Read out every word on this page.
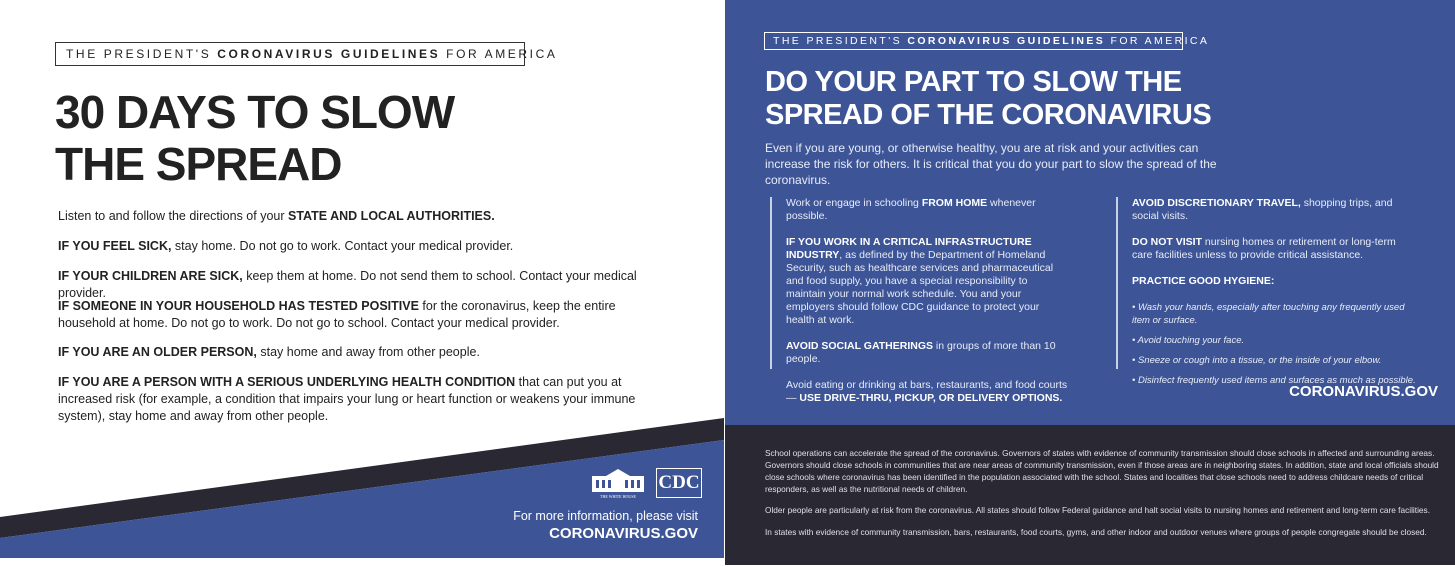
THE PRESIDENT'S CORONAVIRUS GUIDELINES FOR AMERICA
30 DAYS TO SLOW
THE SPREAD
Listen to and follow the directions of your STATE AND LOCAL AUTHORITIES.
IF YOU FEEL SICK, stay home. Do not go to work. Contact your medical provider.
IF YOUR CHILDREN ARE SICK, keep them at home. Do not send them to school. Contact your medical provider.
IF SOMEONE IN YOUR HOUSEHOLD HAS TESTED POSITIVE for the coronavirus, keep the entire household at home. Do not go to work. Do not go to school. Contact your medical provider.
IF YOU ARE AN OLDER PERSON, stay home and away from other people.
IF YOU ARE A PERSON WITH A SERIOUS UNDERLYING HEALTH CONDITION that can put you at increased risk (for example, a condition that impairs your lung or heart function or weakens your immune system), stay home and away from other people.
THE WHITE HOUSE
CDC
For more information, please visit
CORONAVIRUS.GOV
THE PRESIDENT'S CORONAVIRUS GUIDELINES FOR AMERICA
DO YOUR PART TO SLOW THE
SPREAD OF THE CORONAVIRUS
Even if you are young, or otherwise healthy, you are at risk and your activities can increase the risk for others. It is critical that you do your part to slow the spread of the coronavirus.

Work or engage in schooling FROM HOME whenever possible.

IF YOU WORK IN A CRITICAL INFRASTRUCTURE INDUSTRY, as defined by the Department of Homeland Security, such as healthcare services and pharmaceutical and food supply, you have a special responsibility to maintain your normal work schedule. You and your employers should follow CDC guidance to protect your health at work.

AVOID SOCIAL GATHERINGS in groups of more than 10 people.

Avoid eating or drinking at bars, restaurants, and food courts — USE DRIVE-THRU, PICKUP, OR DELIVERY OPTIONS.

AVOID DISCRETIONARY TRAVEL, shopping trips, and social visits.

DO NOT VISIT nursing homes or retirement or long-term care facilities unless to provide critical assistance.

PRACTICE GOOD HYGIENE:

• Wash your hands, especially after touching any frequently used item or surface.

• Avoid touching your face.

• Sneeze or cough into a tissue, or the inside of your elbow.

• Disinfect frequently used items and surfaces as much as possible.

CORONAVIRUS.GOV

School operations can accelerate the spread of the coronavirus. Governors of states with evidence of community transmission should close schools in affected and surrounding areas. Governors should close schools in communities that are near areas of community transmission, even if those areas are in neighboring states. In addition, state and local officials should close schools where coronavirus has been identified in the population associated with the school. States and localities that close schools need to address childcare needs of critical responders, as well as the nutritional needs of children.

Older people are particularly at risk from the coronavirus. All states should follow Federal guidance and halt social visits to nursing homes and retirement and long-term care facilities.

In states with evidence of community transmission, bars, restaurants, food courts, gyms, and other indoor and outdoor venues where groups of people congregate should be closed.
